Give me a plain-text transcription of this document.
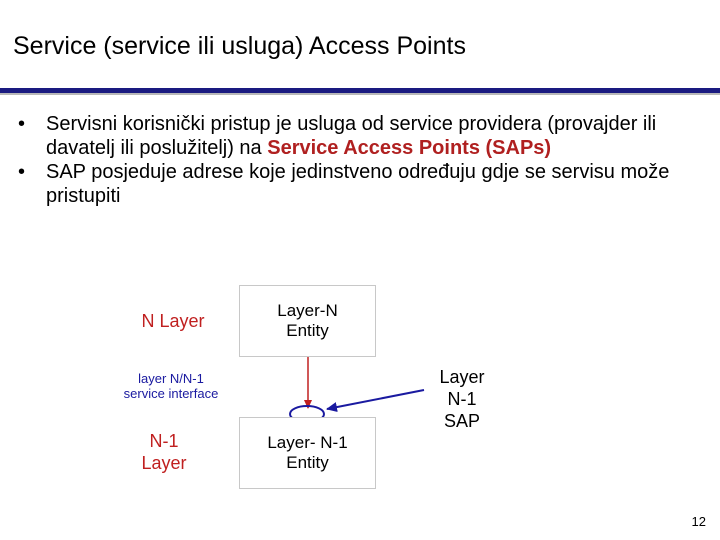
Service (service ili usluga) Access Points
• Servisni korisnički pristup je usluga od service providera (provajder ili davatelj ili poslužitelj) na Service Access Points (SAPs)
• SAP posjeduje adrese koje jedinstveno određuju gdje se servisu može pristupiti
Layer-N
Entity
Layer- N-1
Entity
N Layer
layer N/N-1
service interface
N-1
Layer
Layer
N-1
SAP
12
